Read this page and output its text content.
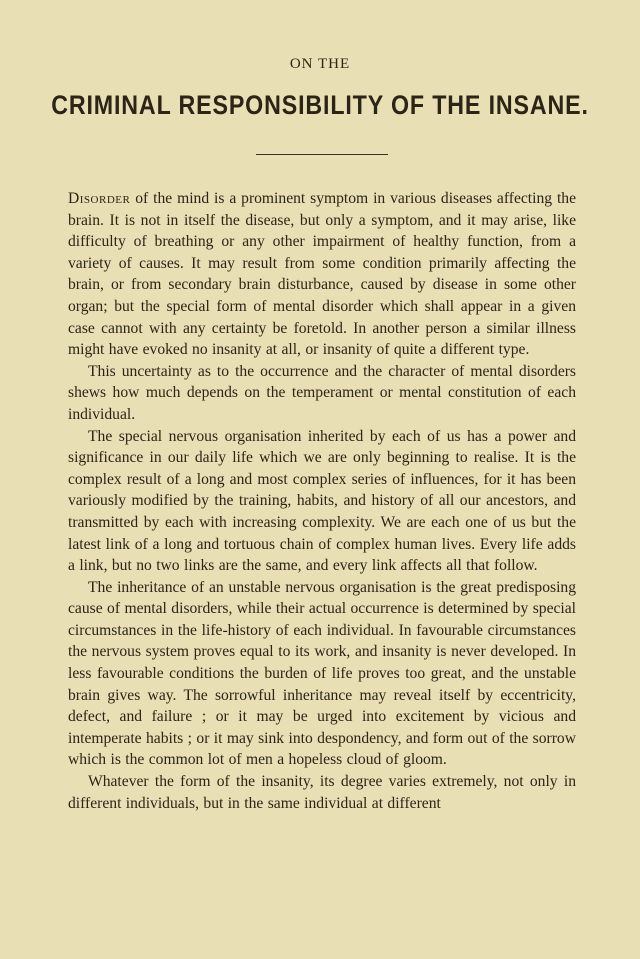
ON THE
CRIMINAL RESPONSIBILITY OF THE INSANE.

Disorder of the mind is a prominent symptom in various diseases affecting the brain. It is not in itself the disease, but only a symptom, and it may arise, like difficulty of breathing or any other impairment of healthy function, from a variety of causes. It may result from some condition primarily affecting the brain, or from secondary brain disturbance, caused by disease in some other organ; but the special form of mental disorder which shall appear in a given case cannot with any certainty be foretold. In another person a similar illness might have evoked no insanity at all, or insanity of quite a different type.

This uncertainty as to the occurrence and the character of mental disorders shews how much depends on the temperament or mental constitution of each individual.

The special nervous organisation inherited by each of us has a power and significance in our daily life which we are only beginning to realise. It is the complex result of a long and most complex series of influences, for it has been variously modified by the training, habits, and history of all our ancestors, and transmitted by each with increasing complexity. We are each one of us but the latest link of a long and tortuous chain of complex human lives. Every life adds a link, but no two links are the same, and every link affects all that follow.

The inheritance of an unstable nervous organisation is the great predisposing cause of mental disorders, while their actual occurrence is determined by special circumstances in the life-history of each individual. In favourable circumstances the nervous system proves equal to its work, and insanity is never developed. In less favourable conditions the burden of life proves too great, and the unstable brain gives way. The sorrowful inheritance may reveal itself by eccentricity, defect, and failure ; or it may be urged into excitement by vicious and intemperate habits ; or it may sink into despondency, and form out of the sorrow which is the common lot of men a hopeless cloud of gloom.

Whatever the form of the insanity, its degree varies extremely, not only in different individuals, but in the same individual at different
